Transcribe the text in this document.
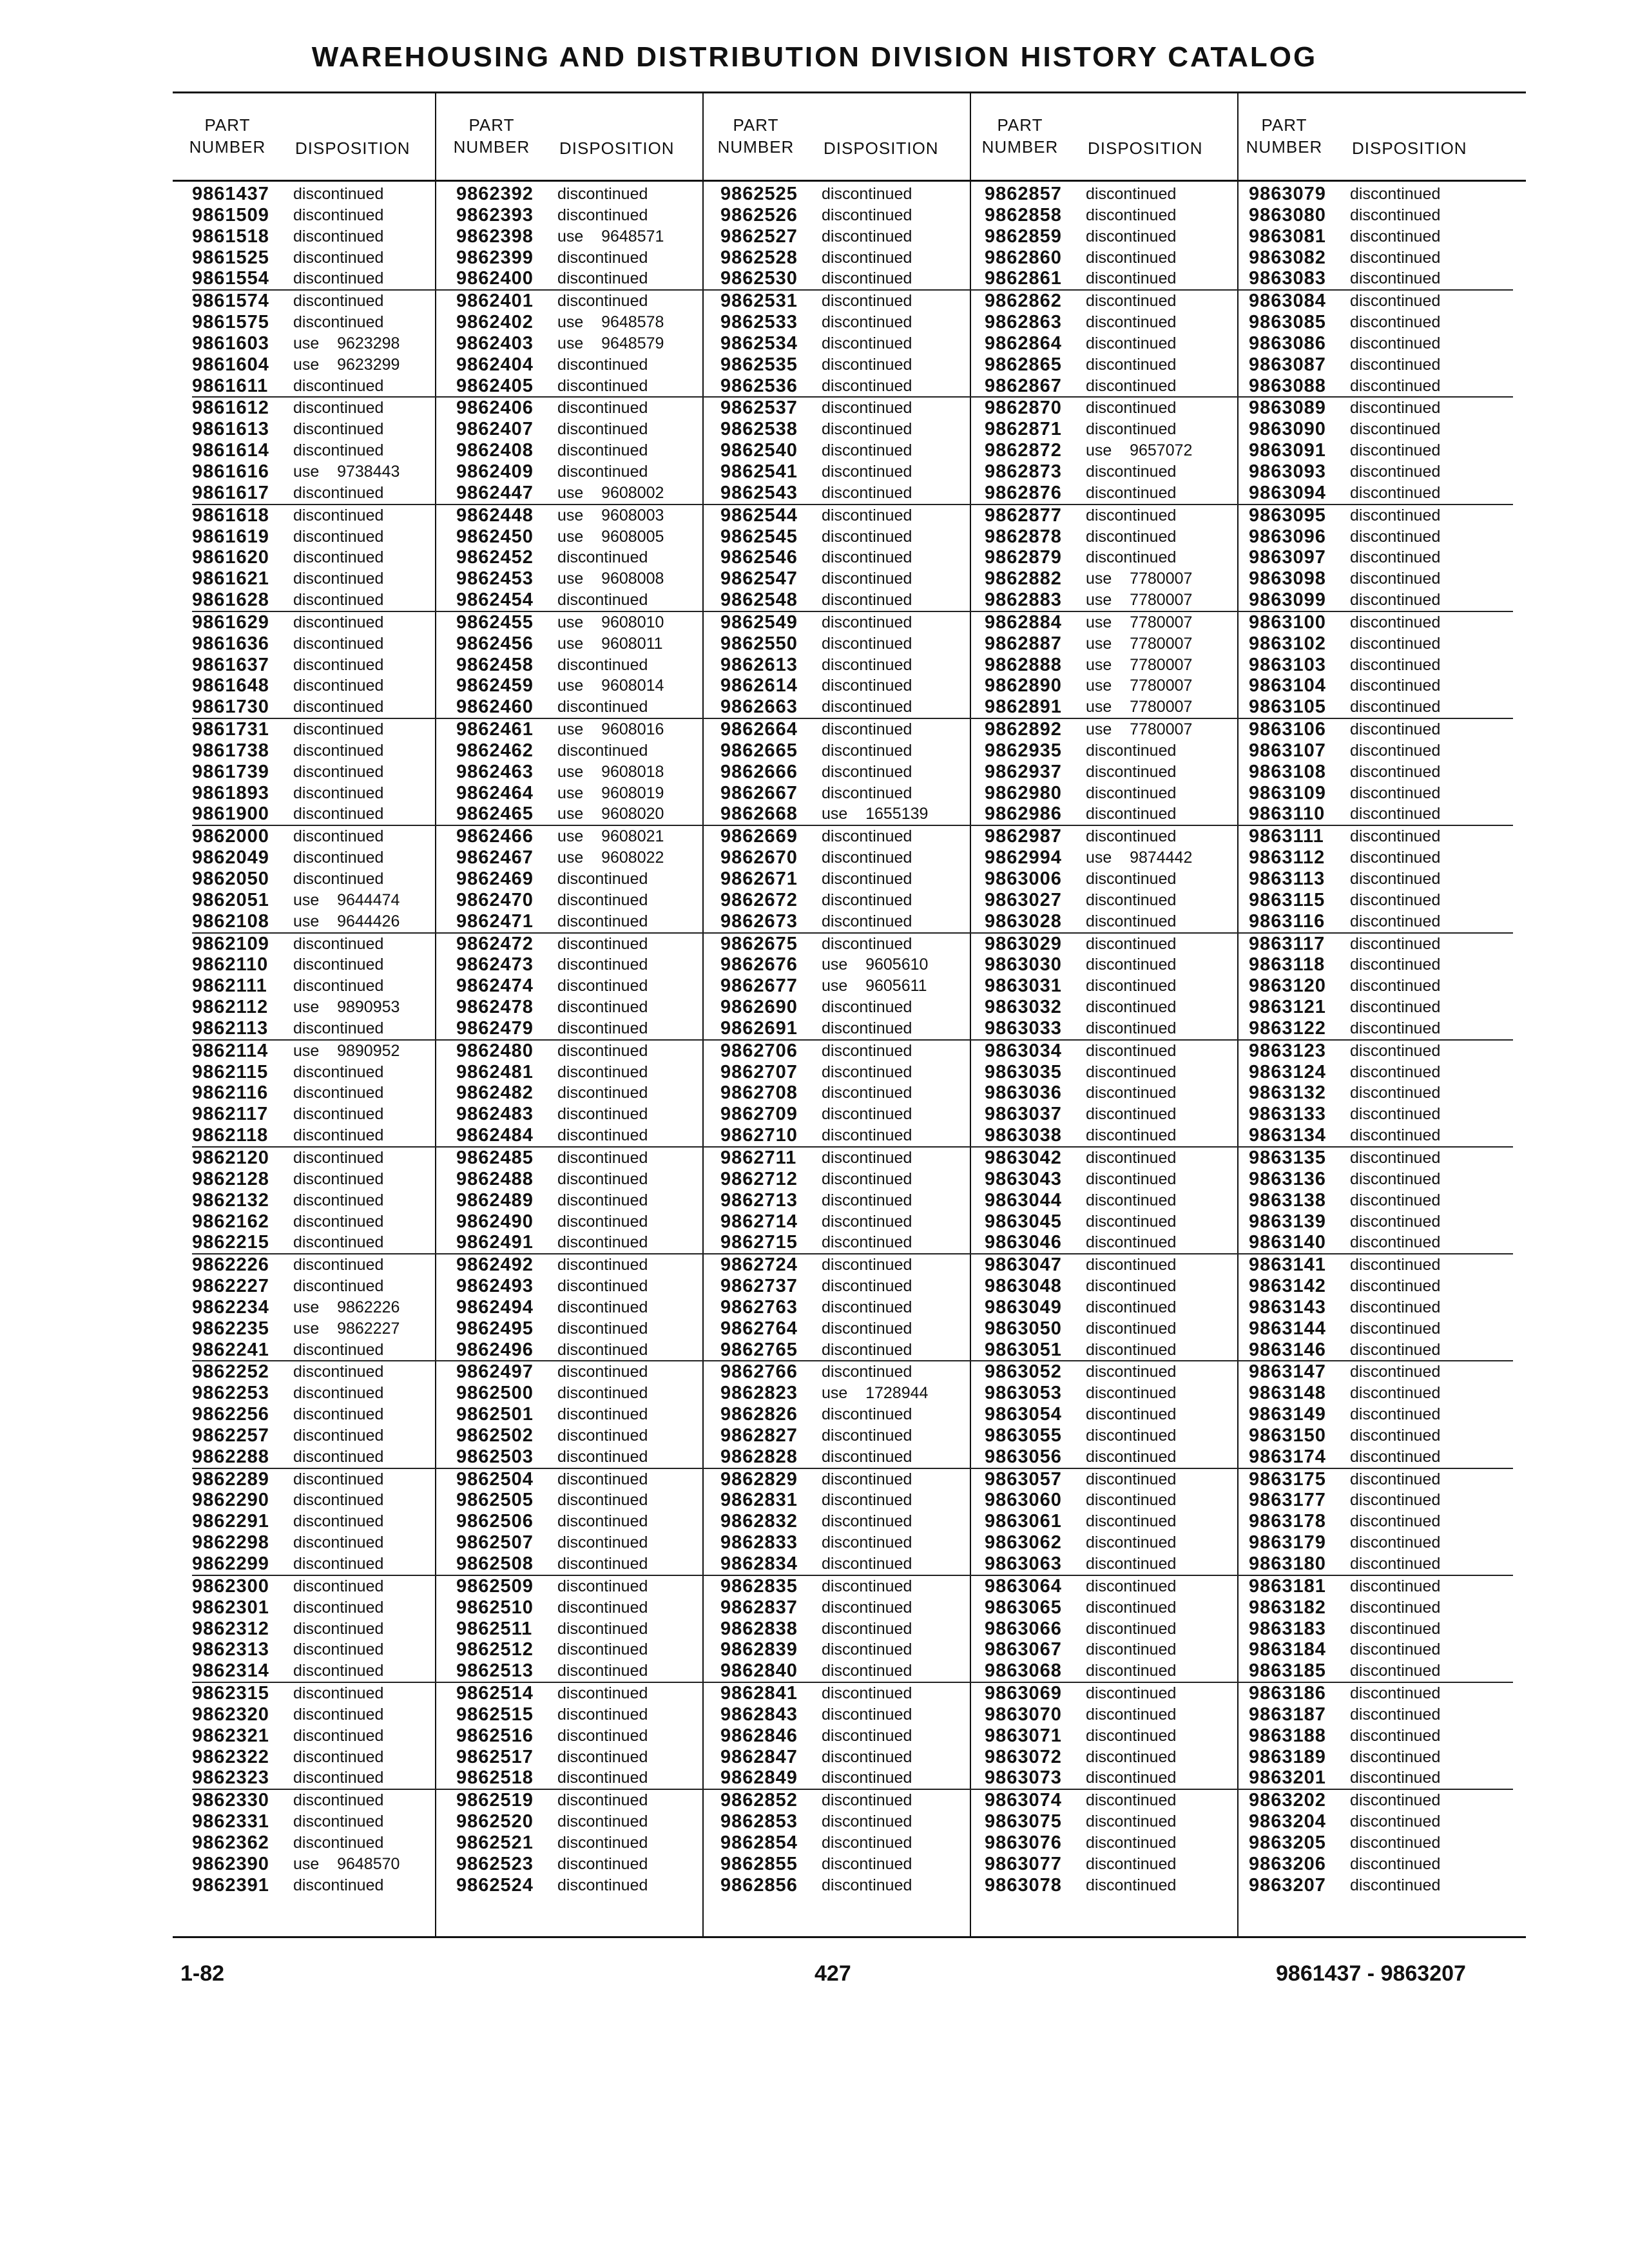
WAREHOUSING AND DISTRIBUTION DIVISION HISTORY CATALOG
PART
NUMBER DISPOSITION
PART
NUMBER DISPOSITION
PART
NUMBER DISPOSITION
PART
NUMBER DISPOSITION
PART
NUMBER DISPOSITION
9861437 discontinued
9861509 discontinued
9861518 discontinued
9861525 discontinued
9861554 discontinued
9861574 discontinued
9861575 discontinued
9861603 use    9623298
9861604 use    9623299
9861611 discontinued
9861612 discontinued
9861613 discontinued
9861614 discontinued
9861616 use    9738443
9861617 discontinued
9861618 discontinued
9861619 discontinued
9861620 discontinued
9861621 discontinued
9861628 discontinued
9861629 discontinued
9861636 discontinued
9861637 discontinued
9861648 discontinued
9861730 discontinued
9861731 discontinued
9861738 discontinued
9861739 discontinued
9861893 discontinued
9861900 discontinued
9862000 discontinued
9862049 discontinued
9862050 discontinued
9862051 use    9644474
9862108 use    9644426
9862109 discontinued
9862110 discontinued
9862111 discontinued
9862112 use    9890953
9862113 discontinued
9862114 use    9890952
9862115 discontinued
9862116 discontinued
9862117 discontinued
9862118 discontinued
9862120 discontinued
9862128 discontinued
9862132 discontinued
9862162 discontinued
9862215 discontinued
9862226 discontinued
9862227 discontinued
9862234 use    9862226
9862235 use    9862227
9862241 discontinued
9862252 discontinued
9862253 discontinued
9862256 discontinued
9862257 discontinued
9862288 discontinued
9862289 discontinued
9862290 discontinued
9862291 discontinued
9862298 discontinued
9862299 discontinued
9862300 discontinued
9862301 discontinued
9862312 discontinued
9862313 discontinued
9862314 discontinued
9862315 discontinued
9862320 discontinued
9862321 discontinued
9862322 discontinued
9862323 discontinued
9862330 discontinued
9862331 discontinued
9862362 discontinued
9862390 use    9648570
9862391 discontinued
9862392 discontinued
9862393 discontinued
9862398 use    9648571
9862399 discontinued
9862400 discontinued
9862401 discontinued
9862402 use    9648578
9862403 use    9648579
9862404 discontinued
9862405 discontinued
9862406 discontinued
9862407 discontinued
9862408 discontinued
9862409 discontinued
9862447 use    9608002
9862448 use    9608003
9862450 use    9608005
9862452 discontinued
9862453 use    9608008
9862454 discontinued
9862455 use    9608010
9862456 use    9608011
9862458 discontinued
9862459 use    9608014
9862460 discontinued
9862461 use    9608016
9862462 discontinued
9862463 use    9608018
9862464 use    9608019
9862465 use    9608020
9862466 use    9608021
9862467 use    9608022
9862469 discontinued
9862470 discontinued
9862471 discontinued
9862472 discontinued
9862473 discontinued
9862474 discontinued
9862478 discontinued
9862479 discontinued
9862480 discontinued
9862481 discontinued
9862482 discontinued
9862483 discontinued
9862484 discontinued
9862485 discontinued
9862488 discontinued
9862489 discontinued
9862490 discontinued
9862491 discontinued
9862492 discontinued
9862493 discontinued
9862494 discontinued
9862495 discontinued
9862496 discontinued
9862497 discontinued
9862500 discontinued
9862501 discontinued
9862502 discontinued
9862503 discontinued
9862504 discontinued
9862505 discontinued
9862506 discontinued
9862507 discontinued
9862508 discontinued
9862509 discontinued
9862510 discontinued
9862511 discontinued
9862512 discontinued
9862513 discontinued
9862514 discontinued
9862515 discontinued
9862516 discontinued
9862517 discontinued
9862518 discontinued
9862519 discontinued
9862520 discontinued
9862521 discontinued
9862523 discontinued
9862524 discontinued
9862525 discontinued
9862526 discontinued
9862527 discontinued
9862528 discontinued
9862530 discontinued
9862531 discontinued
9862533 discontinued
9862534 discontinued
9862535 discontinued
9862536 discontinued
9862537 discontinued
9862538 discontinued
9862540 discontinued
9862541 discontinued
9862543 discontinued
9862544 discontinued
9862545 discontinued
9862546 discontinued
9862547 discontinued
9862548 discontinued
9862549 discontinued
9862550 discontinued
9862613 discontinued
9862614 discontinued
9862663 discontinued
9862664 discontinued
9862665 discontinued
9862666 discontinued
9862667 discontinued
9862668 use    1655139
9862669 discontinued
9862670 discontinued
9862671 discontinued
9862672 discontinued
9862673 discontinued
9862675 discontinued
9862676 use    9605610
9862677 use    9605611
9862690 discontinued
9862691 discontinued
9862706 discontinued
9862707 discontinued
9862708 discontinued
9862709 discontinued
9862710 discontinued
9862711 discontinued
9862712 discontinued
9862713 discontinued
9862714 discontinued
9862715 discontinued
9862724 discontinued
9862737 discontinued
9862763 discontinued
9862764 discontinued
9862765 discontinued
9862766 discontinued
9862823 use    1728944
9862826 discontinued
9862827 discontinued
9862828 discontinued
9862829 discontinued
9862831 discontinued
9862832 discontinued
9862833 discontinued
9862834 discontinued
9862835 discontinued
9862837 discontinued
9862838 discontinued
9862839 discontinued
9862840 discontinued
9862841 discontinued
9862843 discontinued
9862846 discontinued
9862847 discontinued
9862849 discontinued
9862852 discontinued
9862853 discontinued
9862854 discontinued
9862855 discontinued
9862856 discontinued
9862857 discontinued
9862858 discontinued
9862859 discontinued
9862860 discontinued
9862861 discontinued
9862862 discontinued
9862863 discontinued
9862864 discontinued
9862865 discontinued
9862867 discontinued
9862870 discontinued
9862871 discontinued
9862872 use    9657072
9862873 discontinued
9862876 discontinued
9862877 discontinued
9862878 discontinued
9862879 discontinued
9862882 use    7780007
9862883 use    7780007
9862884 use    7780007
9862887 use    7780007
9862888 use    7780007
9862890 use    7780007
9862891 use    7780007
9862892 use    7780007
9862935 discontinued
9862937 discontinued
9862980 discontinued
9862986 discontinued
9862987 discontinued
9862994 use    9874442
9863006 discontinued
9863027 discontinued
9863028 discontinued
9863029 discontinued
9863030 discontinued
9863031 discontinued
9863032 discontinued
9863033 discontinued
9863034 discontinued
9863035 discontinued
9863036 discontinued
9863037 discontinued
9863038 discontinued
9863042 discontinued
9863043 discontinued
9863044 discontinued
9863045 discontinued
9863046 discontinued
9863047 discontinued
9863048 discontinued
9863049 discontinued
9863050 discontinued
9863051 discontinued
9863052 discontinued
9863053 discontinued
9863054 discontinued
9863055 discontinued
9863056 discontinued
9863057 discontinued
9863060 discontinued
9863061 discontinued
9863062 discontinued
9863063 discontinued
9863064 discontinued
9863065 discontinued
9863066 discontinued
9863067 discontinued
9863068 discontinued
9863069 discontinued
9863070 discontinued
9863071 discontinued
9863072 discontinued
9863073 discontinued
9863074 discontinued
9863075 discontinued
9863076 discontinued
9863077 discontinued
9863078 discontinued
9863079 discontinued
9863080 discontinued
9863081 discontinued
9863082 discontinued
9863083 discontinued
9863084 discontinued
9863085 discontinued
9863086 discontinued
9863087 discontinued
9863088 discontinued
9863089 discontinued
9863090 discontinued
9863091 discontinued
9863093 discontinued
9863094 discontinued
9863095 discontinued
9863096 discontinued
9863097 discontinued
9863098 discontinued
9863099 discontinued
9863100 discontinued
9863102 discontinued
9863103 discontinued
9863104 discontinued
9863105 discontinued
9863106 discontinued
9863107 discontinued
9863108 discontinued
9863109 discontinued
9863110 discontinued
9863111 discontinued
9863112 discontinued
9863113 discontinued
9863115 discontinued
9863116 discontinued
9863117 discontinued
9863118 discontinued
9863120 discontinued
9863121 discontinued
9863122 discontinued
9863123 discontinued
9863124 discontinued
9863132 discontinued
9863133 discontinued
9863134 discontinued
9863135 discontinued
9863136 discontinued
9863138 discontinued
9863139 discontinued
9863140 discontinued
9863141 discontinued
9863142 discontinued
9863143 discontinued
9863144 discontinued
9863146 discontinued
9863147 discontinued
9863148 discontinued
9863149 discontinued
9863150 discontinued
9863174 discontinued
9863175 discontinued
9863177 discontinued
9863178 discontinued
9863179 discontinued
9863180 discontinued
9863181 discontinued
9863182 discontinued
9863183 discontinued
9863184 discontinued
9863185 discontinued
9863186 discontinued
9863187 discontinued
9863188 discontinued
9863189 discontinued
9863201 discontinued
9863202 discontinued
9863204 discontinued
9863205 discontinued
9863206 discontinued
9863207 discontinued
1-82	427	9861437 - 9863207
